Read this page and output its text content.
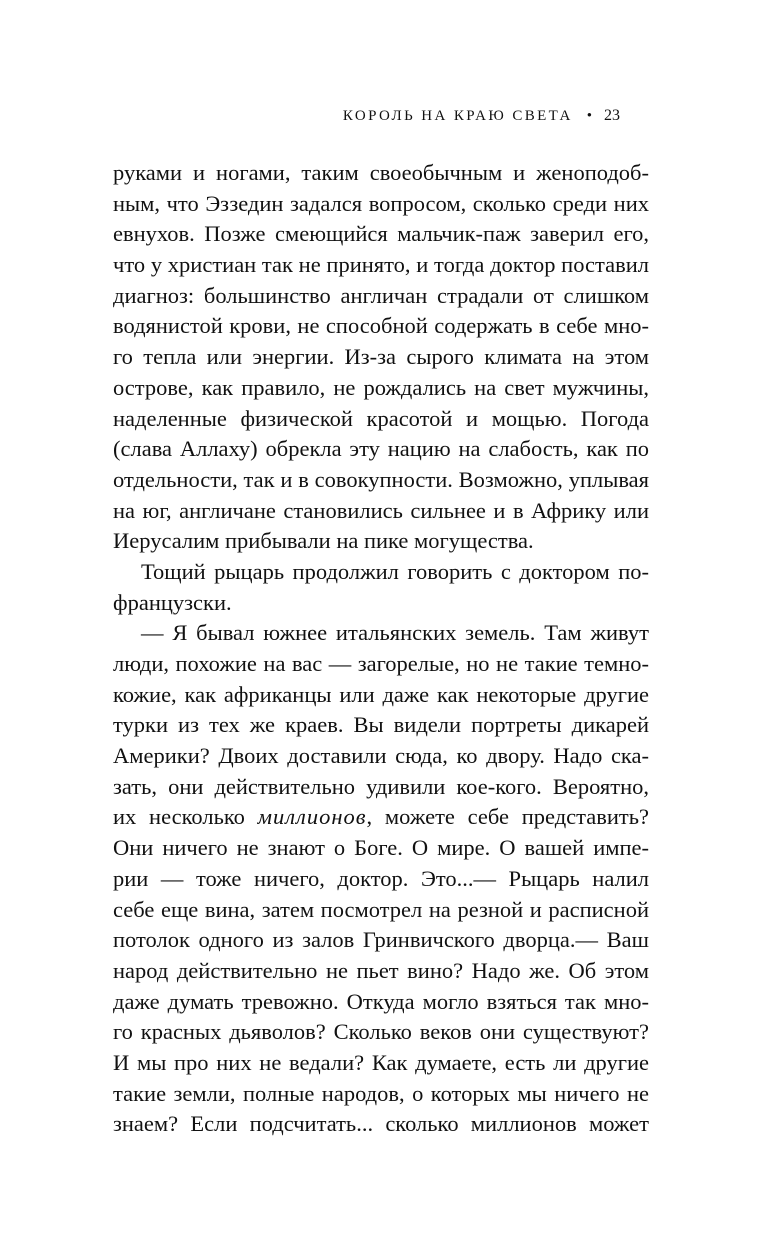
КОРОЛЬ НА КРАЮ СВЕТА • 23
руками и ногами, таким своеобычным и женоподоб-
ным, что Эззедин задался вопросом, сколько среди них
евнухов. Позже смеющийся мальчик-паж заверил его,
что у христиан так не принято, и тогда доктор поставил
диагноз: большинство англичан страдали от слишком
водянистой крови, не способной содержать в себе мно-
го тепла или энергии. Из-за сырого климата на этом
острове, как правило, не рождались на свет мужчины,
наделенные физической красотой и мощью. Погода
(слава Аллаху) обрекла эту нацию на слабость, как по
отдельности, так и в совокупности. Возможно, уплывая
на юг, англичане становились сильнее и в Африку или
Иерусалим прибывали на пике могущества.
Тощий рыцарь продолжил говорить с доктором по-
французски.
— Я бывал южнее итальянских земель. Там живут
люди, похожие на вас — загорелые, но не такие темно-
кожие, как африканцы или даже как некоторые другие
турки из тех же краев. Вы видели портреты дикарей
Америки? Двоих доставили сюда, ко двору. Надо ска-
зать, они действительно удивили кое-кого. Вероятно,
их несколько миллионов, можете себе представить?
Они ничего не знают о Боге. О мире. О вашей импе-
рии — тоже ничего, доктор. Это...— Рыцарь налил
себе еще вина, затем посмотрел на резной и расписной
потолок одного из залов Гринвичского дворца.— Ваш
народ действительно не пьет вино? Надо же. Об этом
даже думать тревожно. Откуда могло взяться так мно-
го красных дьяволов? Сколько веков они существуют?
И мы про них не ведали? Как думаете, есть ли другие
такие земли, полные народов, о которых мы ничего не
знаем? Если подсчитать... сколько миллионов может
